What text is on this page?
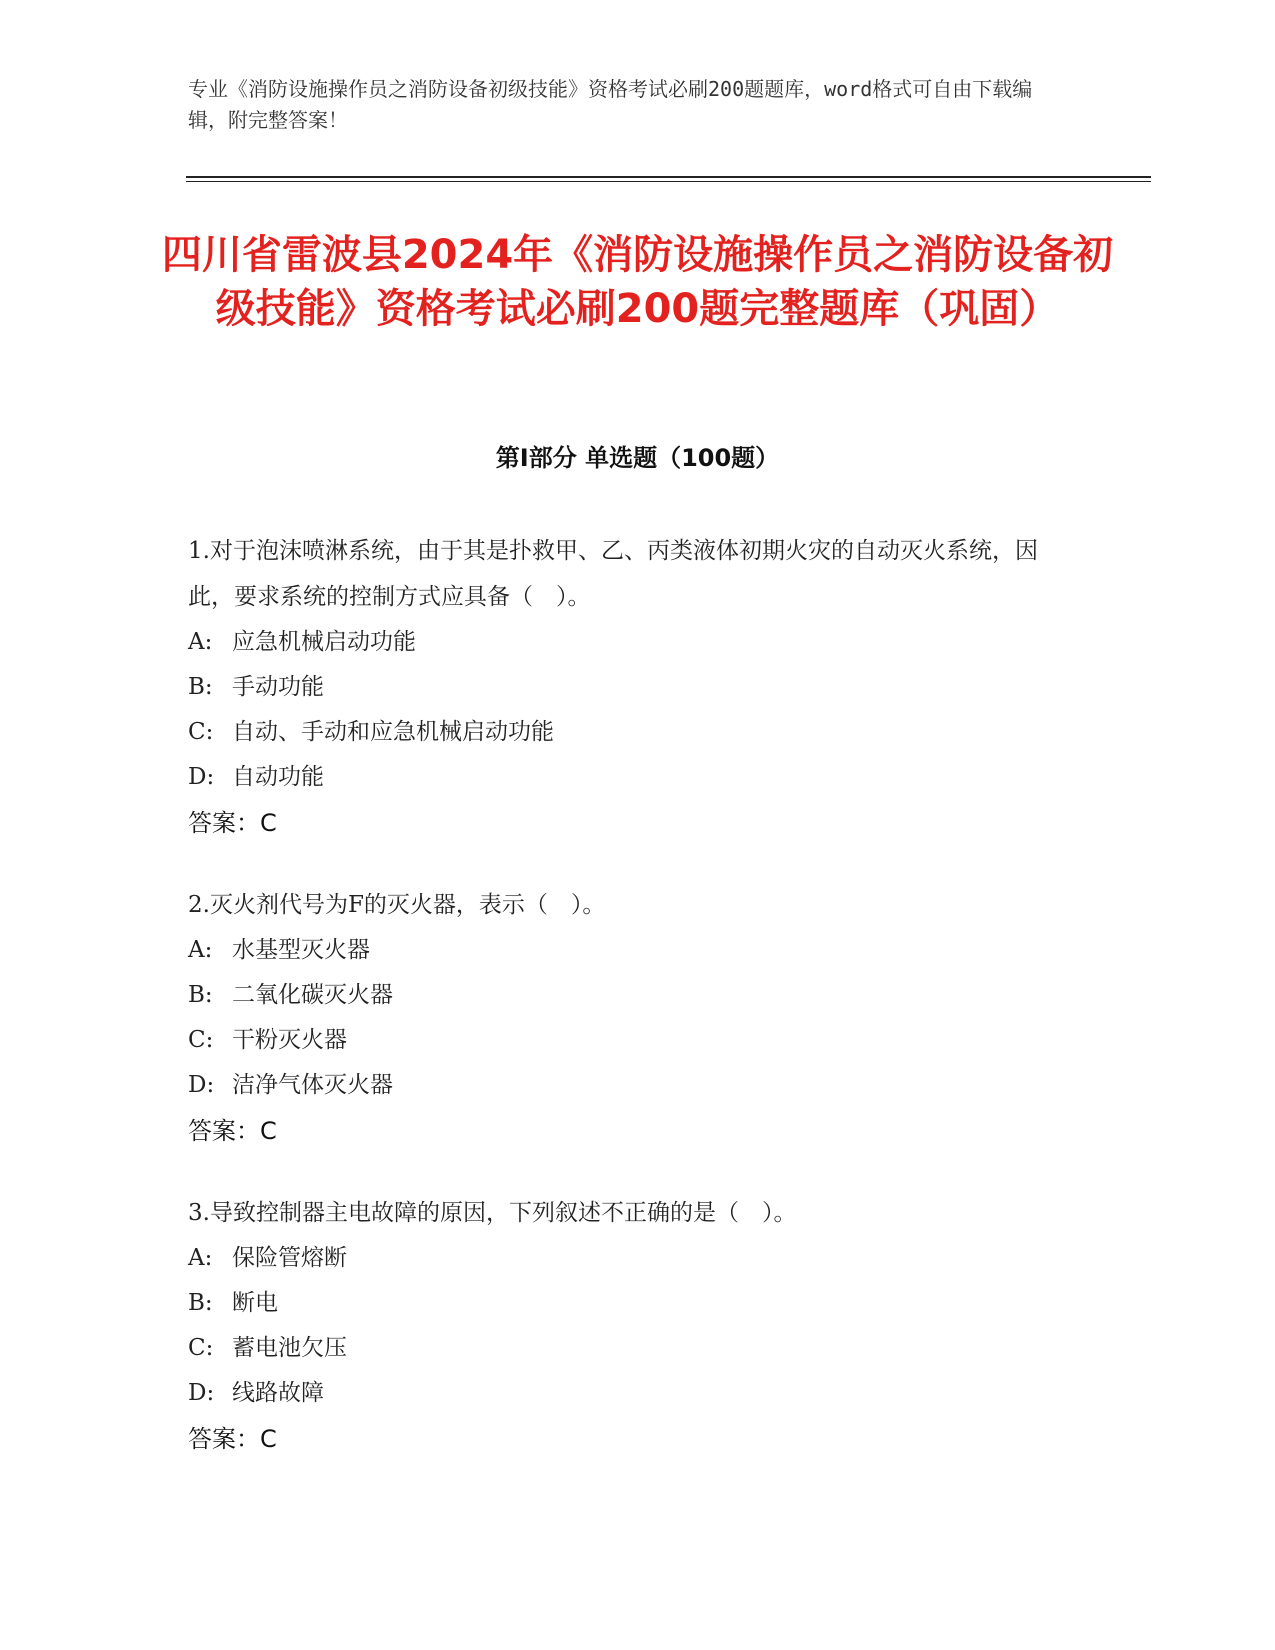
专业《消防设施操作员之消防设备初级技能》资格考试必刷200题题库，word格式可自由下载编辑，附完整答案！
四川省雷波县2024年《消防设施操作员之消防设备初级技能》资格考试必刷200题完整题库（巩固）
第Ⅰ部分 单选题（100题）

1.对于泡沫喷淋系统，由于其是扑救甲、乙、丙类液体初期火灾的自动灭火系统，因此，要求系统的控制方式应具备（　）。

A: 应急机械启动功能
B: 手动功能
C: 自动、手动和应急机械启动功能
D: 自动功能
答案：C

2.灭火剂代号为F的灭火器，表示（　）。

A: 水基型灭火器
B: 二氧化碳灭火器
C: 干粉灭火器
D: 洁净气体灭火器
答案：C

3.导致控制器主电故障的原因，下列叙述不正确的是（　）。

A: 保险管熔断
B: 断电
C: 蓄电池欠压
D: 线路故障
答案：C
